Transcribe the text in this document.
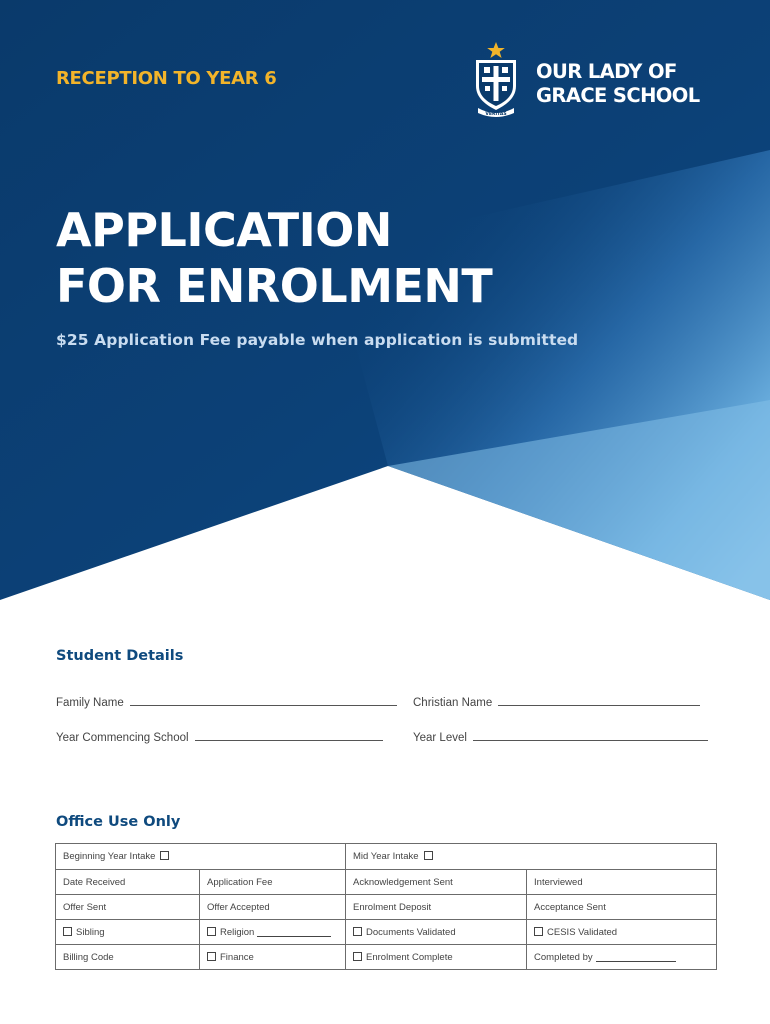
RECEPTION TO YEAR 6
VERITAS
OUR LADY OF
GRACE SCHOOL
APPLICATION
FOR ENROLMENT
$25 Application Fee payable when application is submitted
Student Details
Family Name	Christian Name
Year Commencing School	Year Level
Office Use Only
Beginning Year Intake		Mid Year Intake	
Date Received	Application Fee	Acknowledgement Sent	Interviewed
Offer Sent	Offer Accepted	Enrolment Deposit	Acceptance Sent
Sibling	Religion	Documents Validated	CESIS Validated
Billing Code	Finance	Enrolment Complete	Completed by
